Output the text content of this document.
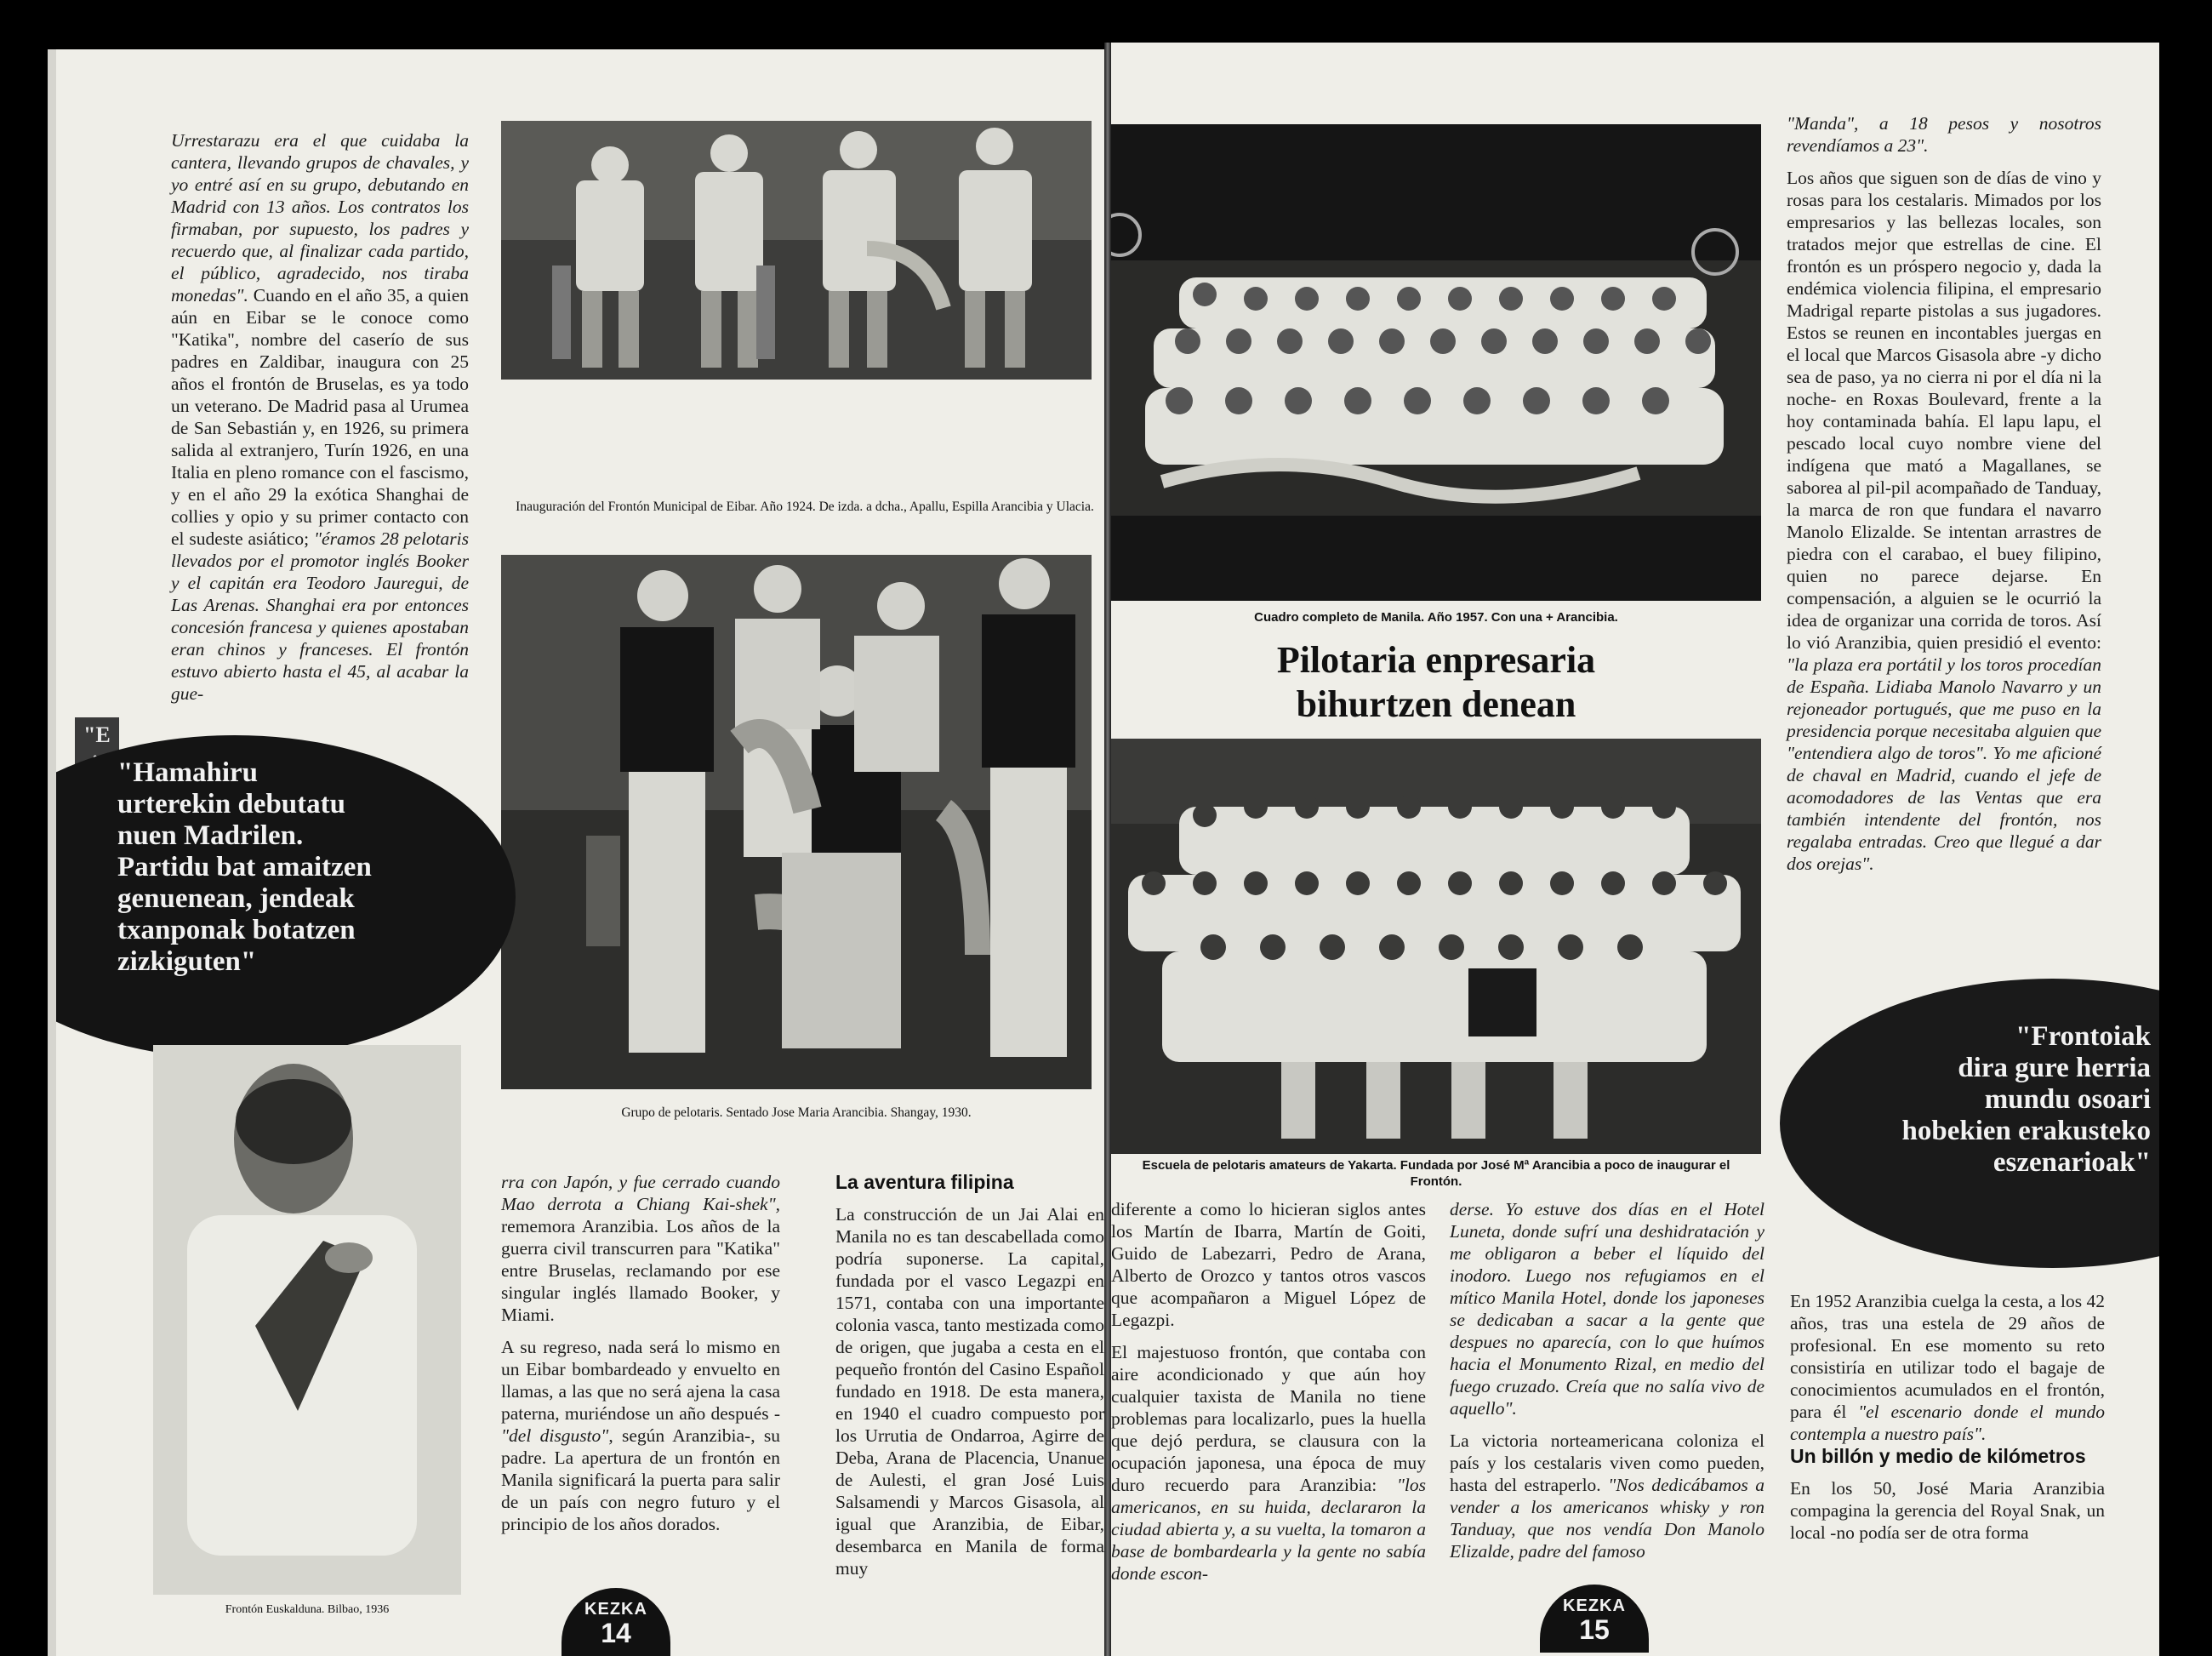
Urrestarazu era el que cuidaba la cantera, llevando grupos de chavales, y yo entré así en su grupo, debutando en Madrid con 13 años. Los contratos los firmaban, por supuesto, los padres y recuerdo que, al finalizar cada partido, el público, agradecido, nos tiraba monedas". Cuando en el año 35, a quien aún en Eibar se le conoce como "Katika", nombre del caserío de sus padres en Zaldibar, inaugura con 25 años el frontón de Bruselas, es ya todo un veterano. De Madrid pasa al Urumea de San Sebastián y, en 1926, su primera salida al extranjero, Turín 1926, en una Italia en pleno romance con el fascismo, y en el año 29 la exótica Shanghai de collies y opio y su primer contacto con el sudeste asiático; "éramos 28 pelotaris llevados por el promotor inglés Booker y el capitán era Teodoro Jauregui, de Las Arenas. Shanghai era por entonces concesión francesa y quienes apostaban eran chinos y franceses. El frontón estuvo abierto hasta el 45, al acabar la gue-

Inauguración del Frontón Municipal de Eibar. Año 1924. De izda. a dcha., Apallu, Espilla Arancibia y Ulacia.
Grupo de pelotaris. Sentado Jose Maria Arancibia. Shangay, 1930.
"E
"Hamahiru
urterekin debutatu
nuen Madrilen.
Partidu bat amaitzen
genuenean, jendeak
txanponak botatzen
zizkiguten"
Frontón Euskalduna. Bilbao, 1936

rra con Japón, y fue cerrado cuando Mao derrota a Chiang Kai-shek", rememora Aranzibia. Los años de la guerra civil transcurren para "Katika" entre Bruselas, reclamando por ese singular inglés llamado Booker, y Miami.

A su regreso, nada será lo mismo en un Eibar bombardeado y envuelto en llamas, a las que no será ajena la casa paterna, muriéndose un año después -"del disgusto", según Aranzibia-, su padre. La apertura de un frontón en Manila significará la puerta para salir de un país con negro futuro y el principio de los años dorados.

La aventura filipina

La construcción de un Jai Alai en Manila no es tan descabellada como podría suponerse. La capital, fundada por el vasco Legazpi en 1571, contaba con una importante colonia vasca, tanto mestizada como de origen, que jugaba a cesta en el pequeño frontón del Casino Español fundado en 1918. De esta manera, en 1940 el cuadro compuesto por los Urrutia de Ondarroa, Agirre de Deba, Arana de Placencia, Unanue de Aulesti, el gran José Luis Salsamendi y Marcos Gisasola, al igual que Aranzibia, de Eibar, desembarca en Manila de forma muy

KEZKA
14
Cuadro completo de Manila. Año 1957. Con una + Arancibia.
Pilotaria enpresaria
bihurtzen denean
Escuela de pelotaris amateurs de Yakarta. Fundada por José Mª Arancibia a poco de inaugurar el Frontón.

diferente a como lo hicieran siglos antes los Martín de Ibarra, Martín de Goiti, Guido de Labezarri, Pedro de Arana, Alberto de Orozco y tantos otros vascos que acompañaron a Miguel López de Legazpi.

El majestuoso frontón, que contaba con aire acondicionado y que aún hoy cualquier taxista de Manila no tiene problemas para localizarlo, pues la huella que dejó perdura, se clausura con la ocupación japonesa, una época de muy duro recuerdo para Aranzibia: "los americanos, en su huida, declararon la ciudad abierta y, a su vuelta, la tomaron a base de bombardearla y la gente no sabía donde escon-

derse. Yo estuve dos días en el Hotel Luneta, donde sufrí una deshidratación y me obligaron a beber el líquido del inodoro. Luego nos refugiamos en el mítico Manila Hotel, donde los japoneses se dedicaban a sacar a la gente que despues no aparecía, con lo que huímos hacia el Monumento Rizal, en medio del fuego cruzado. Creía que no salía vivo de aquello".

La victoria norteamericana coloniza el país y los cestalaris viven como pueden, hasta del estraperlo. "Nos dedicábamos a vender a los americanos whisky y ron Tanduay, que nos vendía Don Manolo Elizalde, padre del famoso

"Manda", a 18 pesos y nosotros revendíamos a 23".

Los años que siguen son de días de vino y rosas para los cestalaris. Mimados por los empresarios y las bellezas locales, son tratados mejor que estrellas de cine. El frontón es un próspero negocio y, dada la endémica violencia filipina, el empresario Madrigal reparte pistolas a sus jugadores. Estos se reunen en incontables juergas en el local que Marcos Gisasola abre -y dicho sea de paso, ya no cierra ni por el día ni la noche- en Roxas Boulevard, frente a la hoy contaminada bahía. El lapu lapu, el pescado local cuyo nombre viene del indígena que mató a Magallanes, se saborea al pil-pil acompañado de Tanduay, la marca de ron que fundara el navarro Manolo Elizalde. Se intentan arrastres de piedra con el carabao, el buey filipino, quien no parece dejarse. En compensación, a alguien se le ocurrió la idea de organizar una corrida de toros. Así lo vió Aranzibia, quien presidió el evento: "la plaza era portátil y los toros procedían de España. Lidiaba Manolo Navarro y un rejoneador portugués, que me puso en la presidencia porque necesitaba alguien que "entendiera algo de toros". Yo me aficioné de chaval en Madrid, cuando el jefe de acomodadores de las Ventas que era también intendente del frontón, nos regalaba entradas. Creo que llegué a dar dos orejas".

"Frontoiak
dira gure herria
mundu osoari
hobekien erakusteko
eszenarioak"

En 1952 Aranzibia cuelga la cesta, a los 42 años, tras una estela de 29 años de profesional. En ese momento su reto consistiría en utilizar todo el bagaje de conocimientos acumulados en el frontón, para él "el escenario donde el mundo contempla a nuestro país".

Un billón y medio de kilómetros

En los 50, José Maria Aranzibia compagina la gerencia del Royal Snak, un local -no podía ser de otra forma

KEZKA
15
